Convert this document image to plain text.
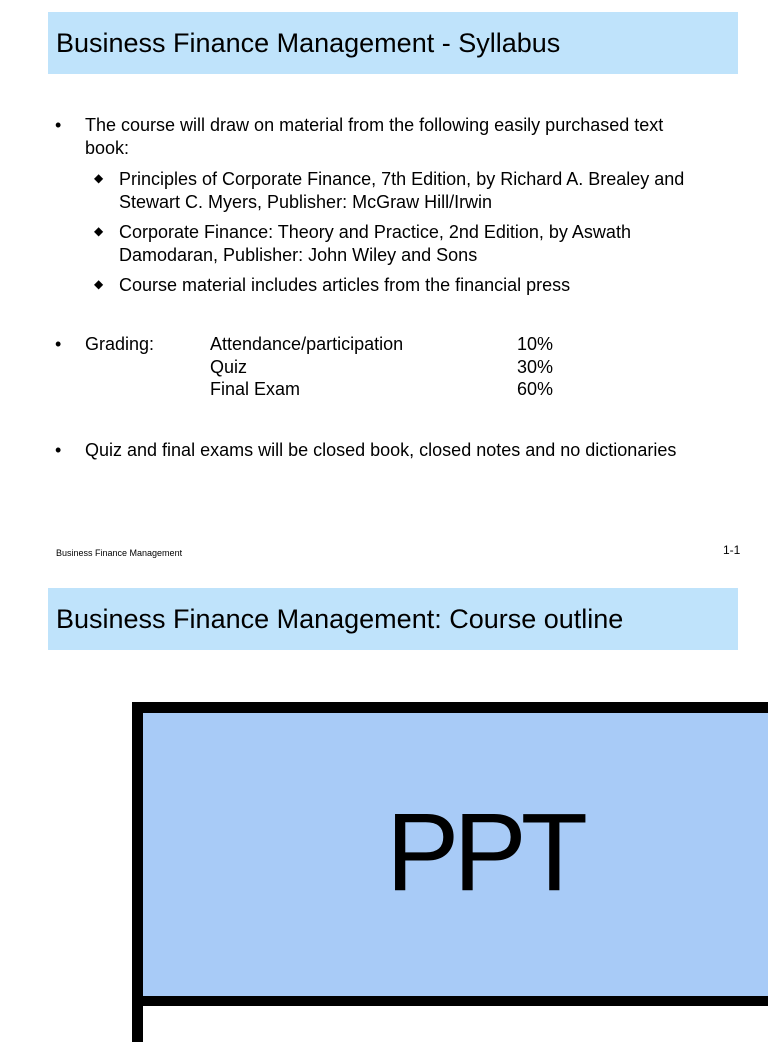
Business Finance Management - Syllabus
• The course will draw on material from the following easily purchased text
book:
◆ Principles of Corporate Finance, 7th Edition, by Richard A. Brealey and
Stewart C. Myers, Publisher: McGraw Hill/Irwin
◆ Corporate Finance: Theory and Practice, 2nd Edition, by Aswath
Damodaran, Publisher: John Wiley and Sons
◆ Course material includes articles from the financial press
• Grading:	Attendance/participation	10%
Quiz	30%
Final Exam	60%
• Quiz and final exams will be closed book, closed notes and no dictionaries
Business Finance Management	1-1
Business Finance Management: Course outline
PPT
